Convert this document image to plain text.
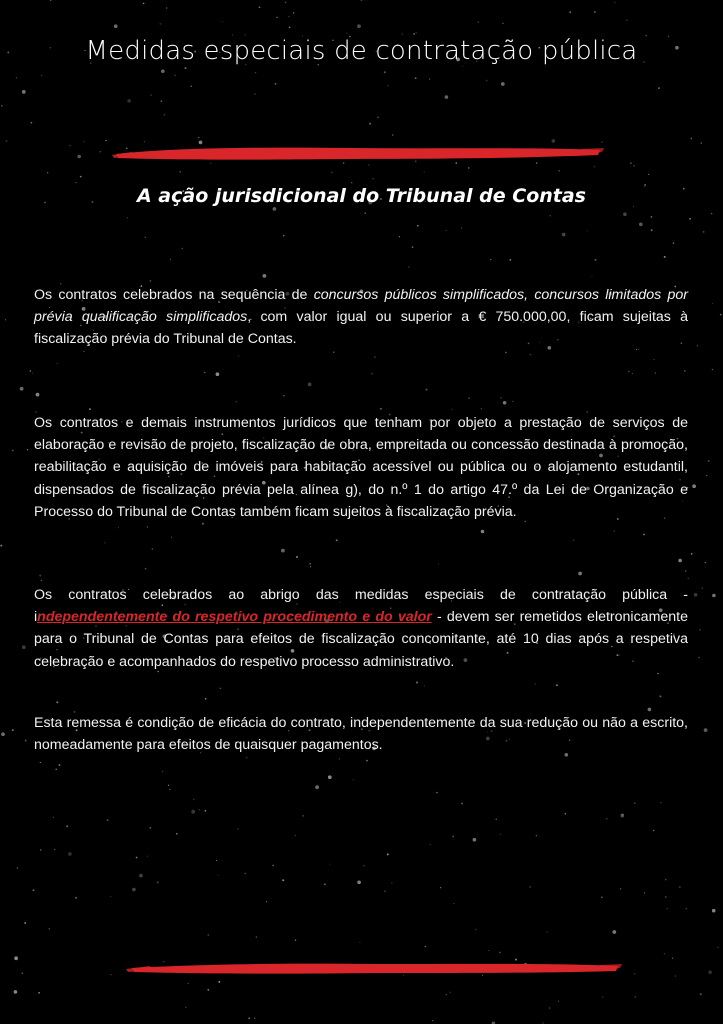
Medidas especiais de contratação pública
A ação jurisdicional do Tribunal de Contas

Os contratos celebrados na sequência de concursos públicos simplificados, concursos limitados por prévia qualificação simplificados, com valor igual ou superior a € 750.000,00, ficam sujeitas à fiscalização prévia do Tribunal de Contas.

Os contratos e demais instrumentos jurídicos que tenham por objeto a prestação de serviços de elaboração e revisão de projeto, fiscalização de obra, empreitada ou concessão destinada à promoção, reabilitação e aquisição de imóveis para habitação acessível ou pública ou o alojamento estudantil, dispensados de fiscalização prévia pela alínea g), do n.º 1 do artigo 47.º da Lei de Organização e Processo do Tribunal de Contas também ficam sujeitos à fiscalização prévia.

Os contratos celebrados ao abrigo das medidas especiais de contratação pública - independentemente do respetivo procedimento e do valor - devem ser remetidos eletronicamente para o Tribunal de Contas para efeitos de fiscalização concomitante, até 10 dias após a respetiva celebração e acompanhados do respetivo processo administrativo.

Esta remessa é condição de eficácia do contrato, independentemente da sua redução ou não a escrito, nomeadamente para efeitos de quaisquer pagamentos.
